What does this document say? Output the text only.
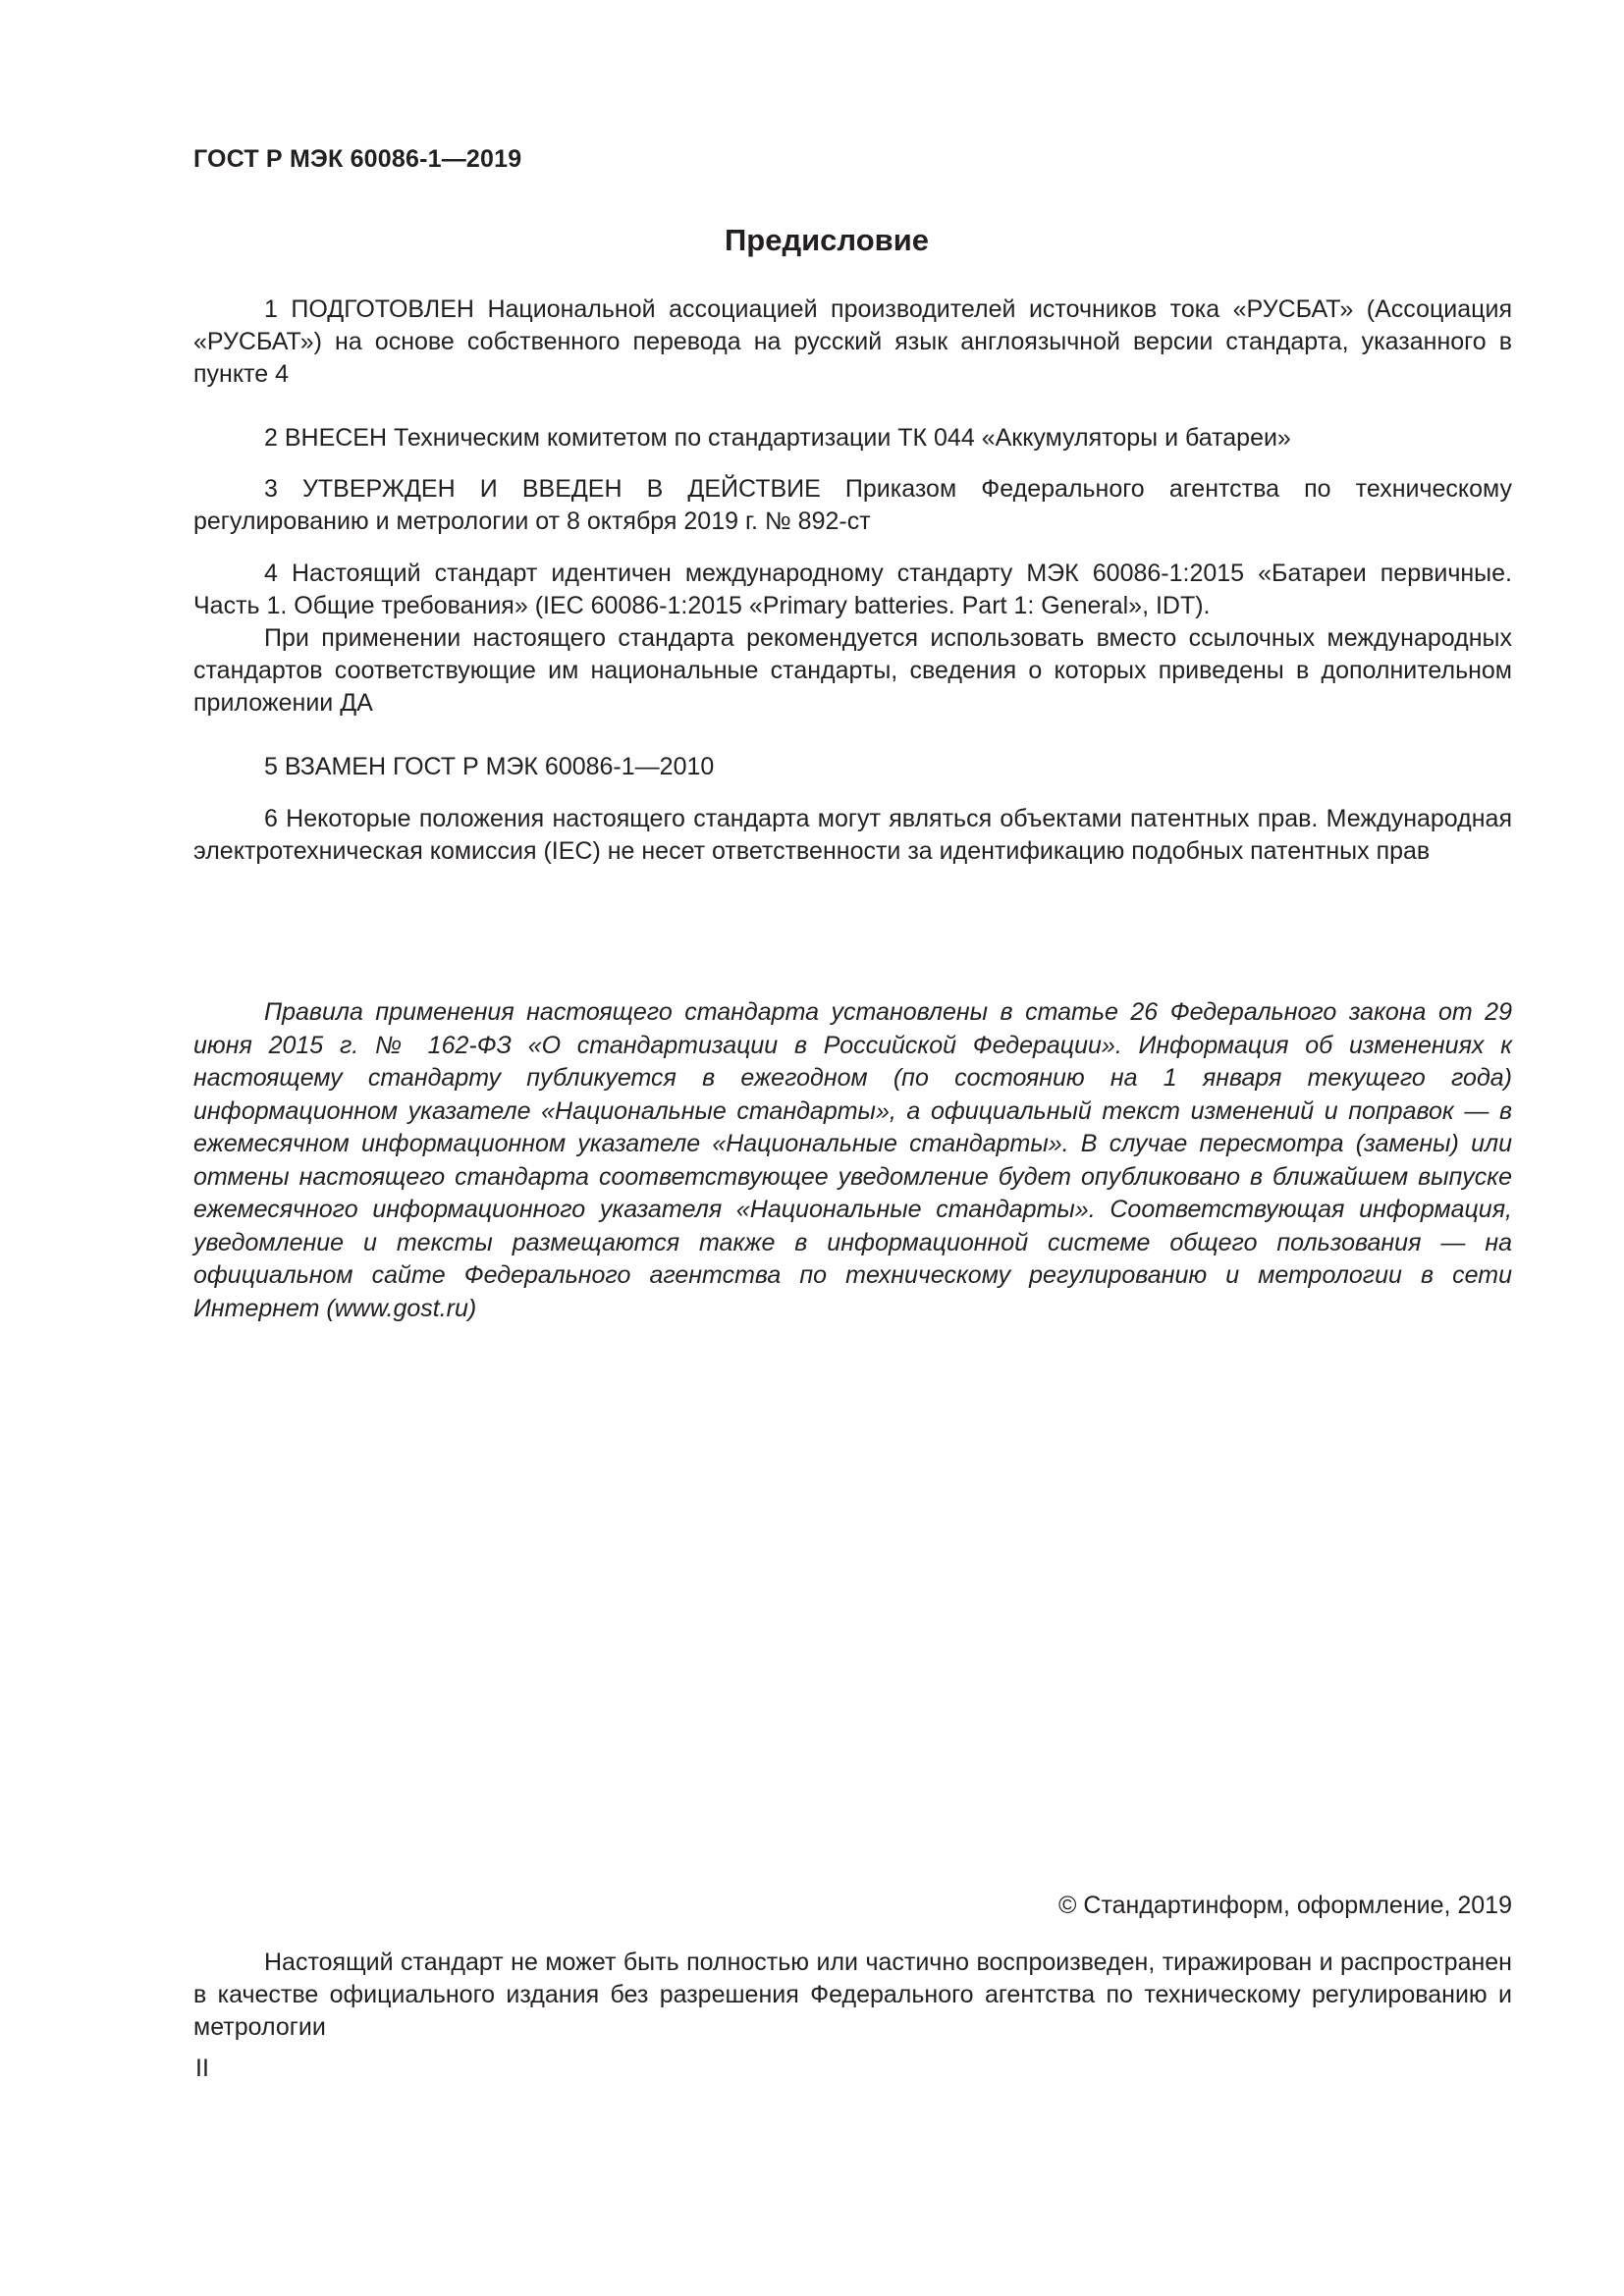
ГОСТ Р МЭК 60086-1—2019
Предисловие

1 ПОДГОТОВЛЕН Национальной ассоциацией производителей источников тока «РУСБАТ» (Ассоциация «РУСБАТ») на основе собственного перевода на русский язык англоязычной версии стандарта, указанного в пункте 4

2 ВНЕСЕН Техническим комитетом по стандартизации ТК 044 «Аккумуляторы и батареи»

3 УТВЕРЖДЕН И ВВЕДЕН В ДЕЙСТВИЕ Приказом Федерального агентства по техническому регулированию и метрологии от 8 октября 2019 г. № 892-ст

4 Настоящий стандарт идентичен международному стандарту МЭК 60086-1:2015 «Батареи первичные. Часть 1. Общие требования» (IEC 60086-1:2015 «Primary batteries. Part 1: General», IDT).

При применении настоящего стандарта рекомендуется использовать вместо ссылочных международных стандартов соответствующие им национальные стандарты, сведения о которых приведены в дополнительном приложении ДА

5 ВЗАМЕН ГОСТ Р МЭК 60086-1—2010

6 Некоторые положения настоящего стандарта могут являться объектами патентных прав. Международная электротехническая комиссия (IEC) не несет ответственности за идентификацию подобных патентных прав

Правила применения настоящего стандарта установлены в статье 26 Федерального закона от 29 июня 2015 г. № 162-ФЗ «О стандартизации в Российской Федерации». Информация об изменениях к настоящему стандарту публикуется в ежегодном (по состоянию на 1 января текущего года) информационном указателе «Национальные стандарты», а официальный текст изменений и поправок — в ежемесячном информационном указателе «Национальные стандарты». В случае пересмотра (замены) или отмены настоящего стандарта соответствующее уведомление будет опубликовано в ближайшем выпуске ежемесячного информационного указателя «Национальные стандарты». Соответствующая информация, уведомление и тексты размещаются также в информационной системе общего пользования — на официальном сайте Федерального агентства по техническому регулированию и метрологии в сети Интернет (www.gost.ru)

© Стандартинформ, оформление, 2019

Настоящий стандарт не может быть полностью или частично воспроизведен, тиражирован и распространен в качестве официального издания без разрешения Федерального агентства по техническому регулированию и метрологии

II
